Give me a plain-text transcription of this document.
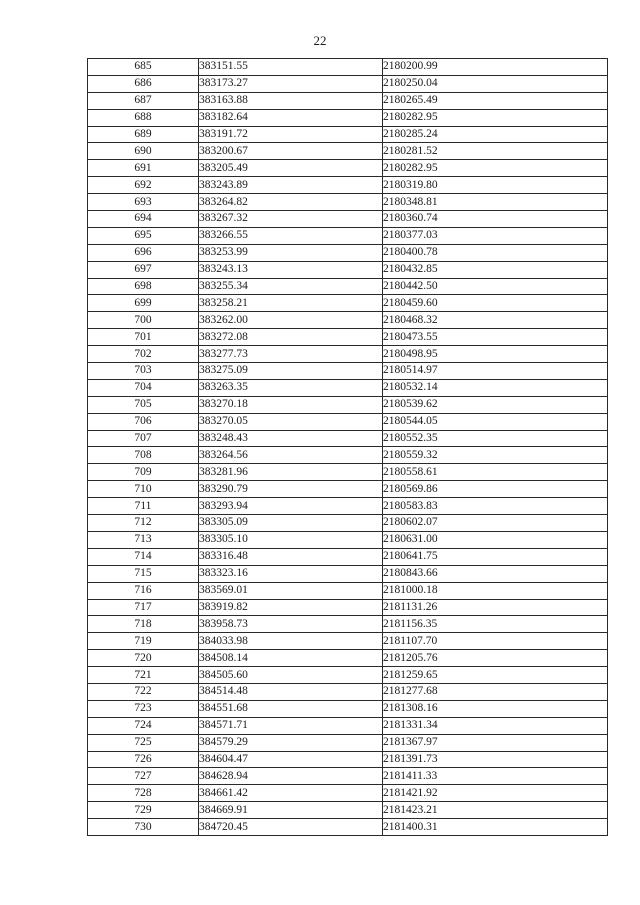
22
685	383151.55	2180200.99
686	383173.27	2180250.04
687	383163.88	2180265.49
688	383182.64	2180282.95
689	383191.72	2180285.24
690	383200.67	2180281.52
691	383205.49	2180282.95
692	383243.89	2180319.80
693	383264.82	2180348.81
694	383267.32	2180360.74
695	383266.55	2180377.03
696	383253.99	2180400.78
697	383243.13	2180432.85
698	383255.34	2180442.50
699	383258.21	2180459.60
700	383262.00	2180468.32
701	383272.08	2180473.55
702	383277.73	2180498.95
703	383275.09	2180514.97
704	383263.35	2180532.14
705	383270.18	2180539.62
706	383270.05	2180544.05
707	383248.43	2180552.35
708	383264.56	2180559.32
709	383281.96	2180558.61
710	383290.79	2180569.86
711	383293.94	2180583.83
712	383305.09	2180602.07
713	383305.10	2180631.00
714	383316.48	2180641.75
715	383323.16	2180843.66
716	383569.01	2181000.18
717	383919.82	2181131.26
718	383958.73	2181156.35
719	384033.98	2181107.70
720	384508.14	2181205.76
721	384505.60	2181259.65
722	384514.48	2181277.68
723	384551.68	2181308.16
724	384571.71	2181331.34
725	384579.29	2181367.97
726	384604.47	2181391.73
727	384628.94	2181411.33
728	384661.42	2181421.92
729	384669.91	2181423.21
730	384720.45	2181400.31
